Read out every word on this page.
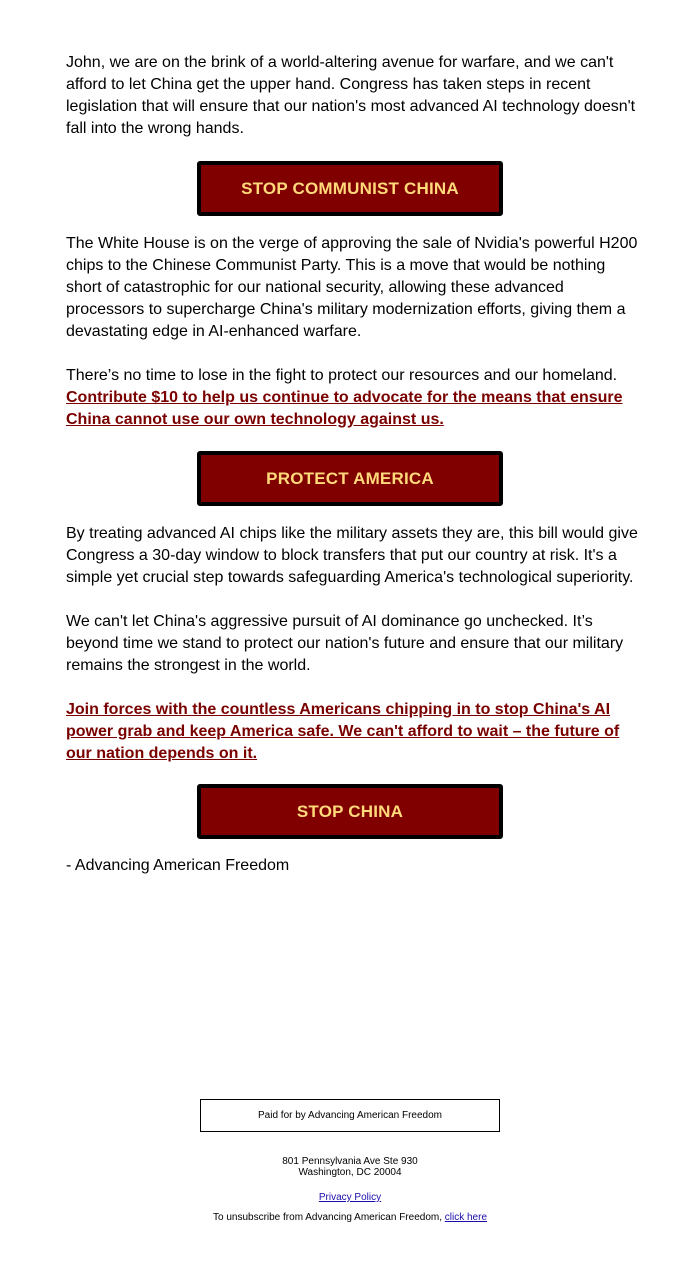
John, we are on the brink of a world-altering avenue for warfare, and we can't afford to let China get the upper hand. Congress has taken steps in recent legislation that will ensure that our nation's most advanced AI technology doesn't fall into the wrong hands.

STOP COMMUNIST CHINA

The White House is on the verge of approving the sale of Nvidia's powerful H200 chips to the Chinese Communist Party. This is a move that would be nothing short of catastrophic for our national security, allowing these advanced processors to supercharge China's military modernization efforts, giving them a devastating edge in AI-enhanced warfare.

There’s no time to lose in the fight to protect our resources and our homeland. Contribute $10 to help us continue to advocate for the means that ensure China cannot use our own technology against us.

PROTECT AMERICA

By treating advanced AI chips like the military assets they are, this bill would give Congress a 30-day window to block transfers that put our country at risk. It's a simple yet crucial step towards safeguarding America's technological superiority.

We can't let China's aggressive pursuit of AI dominance go unchecked. It’s beyond time we stand to protect our nation's future and ensure that our military remains the strongest in the world.

Join forces with the countless Americans chipping in to stop China's AI power grab and keep America safe. We can't afford to wait – the future of our nation depends on it.

STOP CHINA

- Advancing American Freedom

Paid for by Advancing American Freedom
801 Pennsylvania Ave Ste 930
Washington, DC 20004
Privacy Policy
To unsubscribe from Advancing American Freedom, click here
